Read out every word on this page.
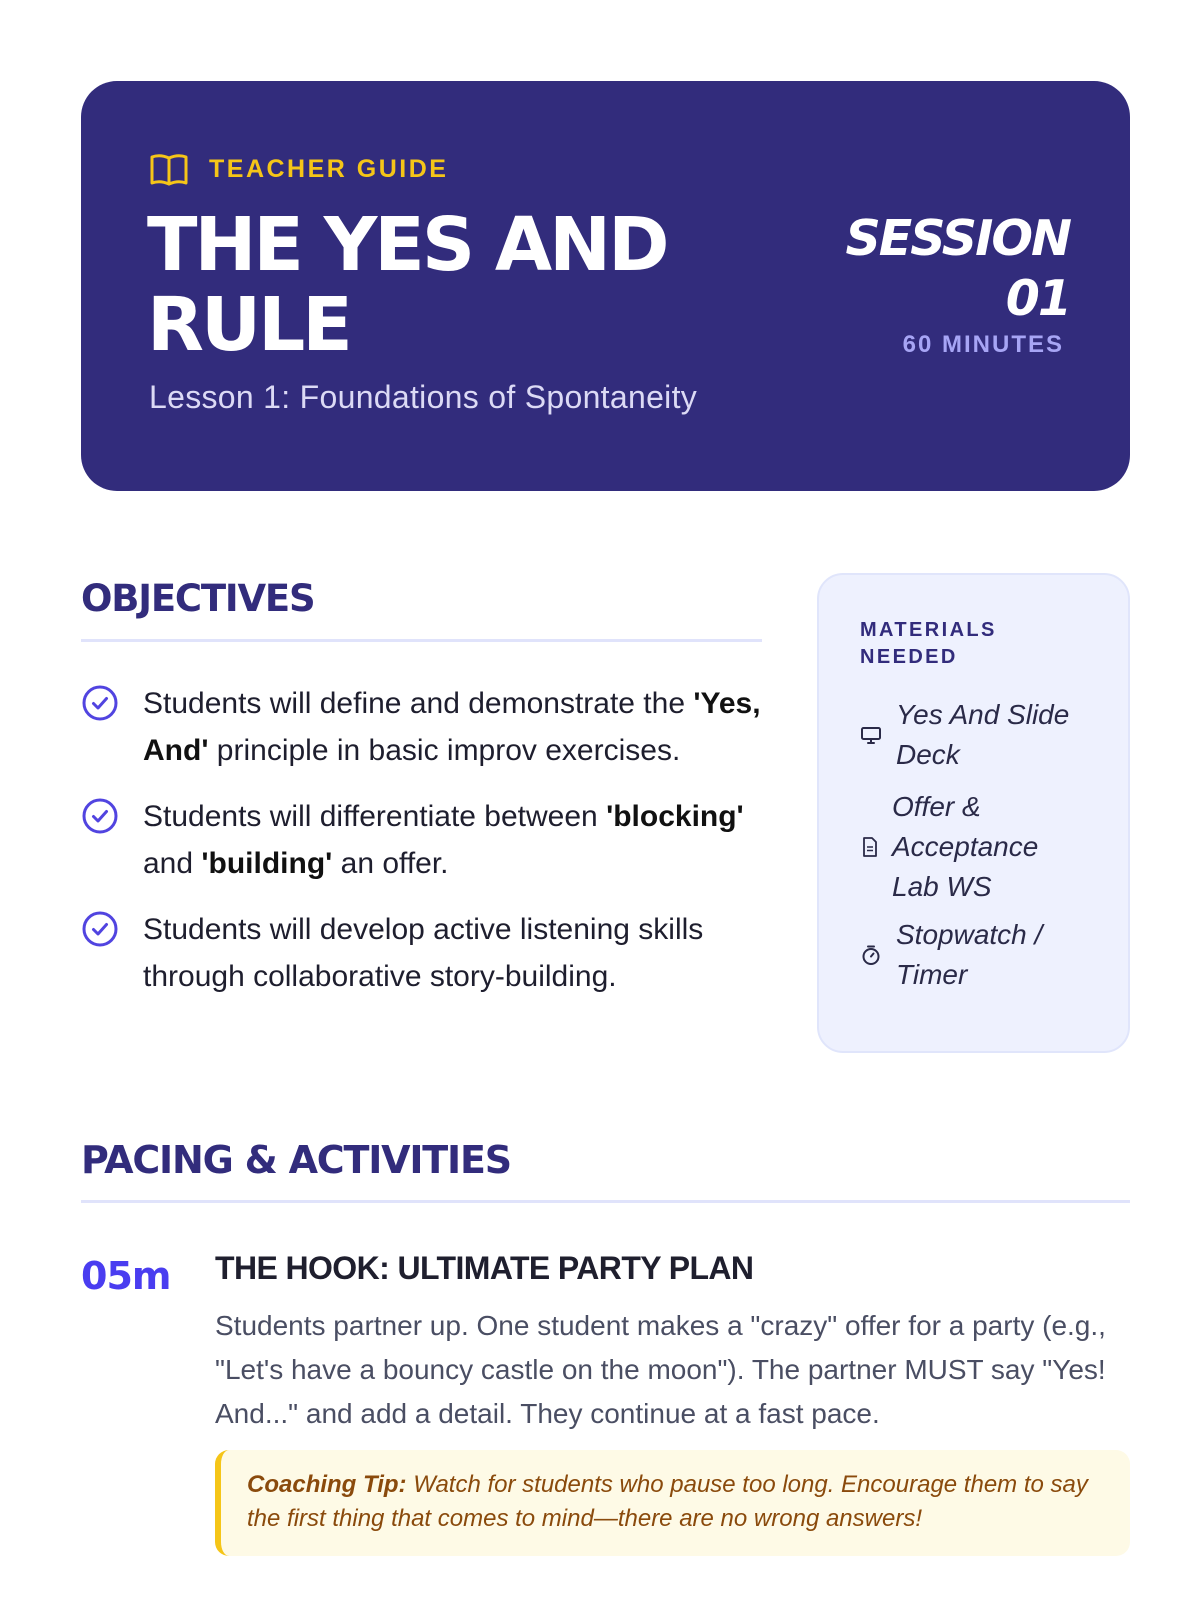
TEACHER GUIDE
THE YES AND
RULE
Lesson 1: Foundations of Spontaneity
SESSION
01
60 MINUTES
OBJECTIVES
Students will define and demonstrate the 'Yes, And' principle in basic improv exercises.
Students will differentiate between 'blocking' and 'building' an offer.
Students will develop active listening skills through collaborative story-building.
MATERIALS NEEDED
Yes And Slide Deck
Offer & Acceptance Lab WS
Stopwatch / Timer
PACING & ACTIVITIES
05m THE HOOK: ULTIMATE PARTY PLAN

Students partner up. One student makes a "crazy" offer for a party (e.g., "Let's have a bouncy castle on the moon"). The partner MUST say "Yes! And..." and add a detail. They continue at a fast pace.

Coaching Tip: Watch for students who pause too long. Encourage them to say the first thing that comes to mind—there are no wrong answers!
